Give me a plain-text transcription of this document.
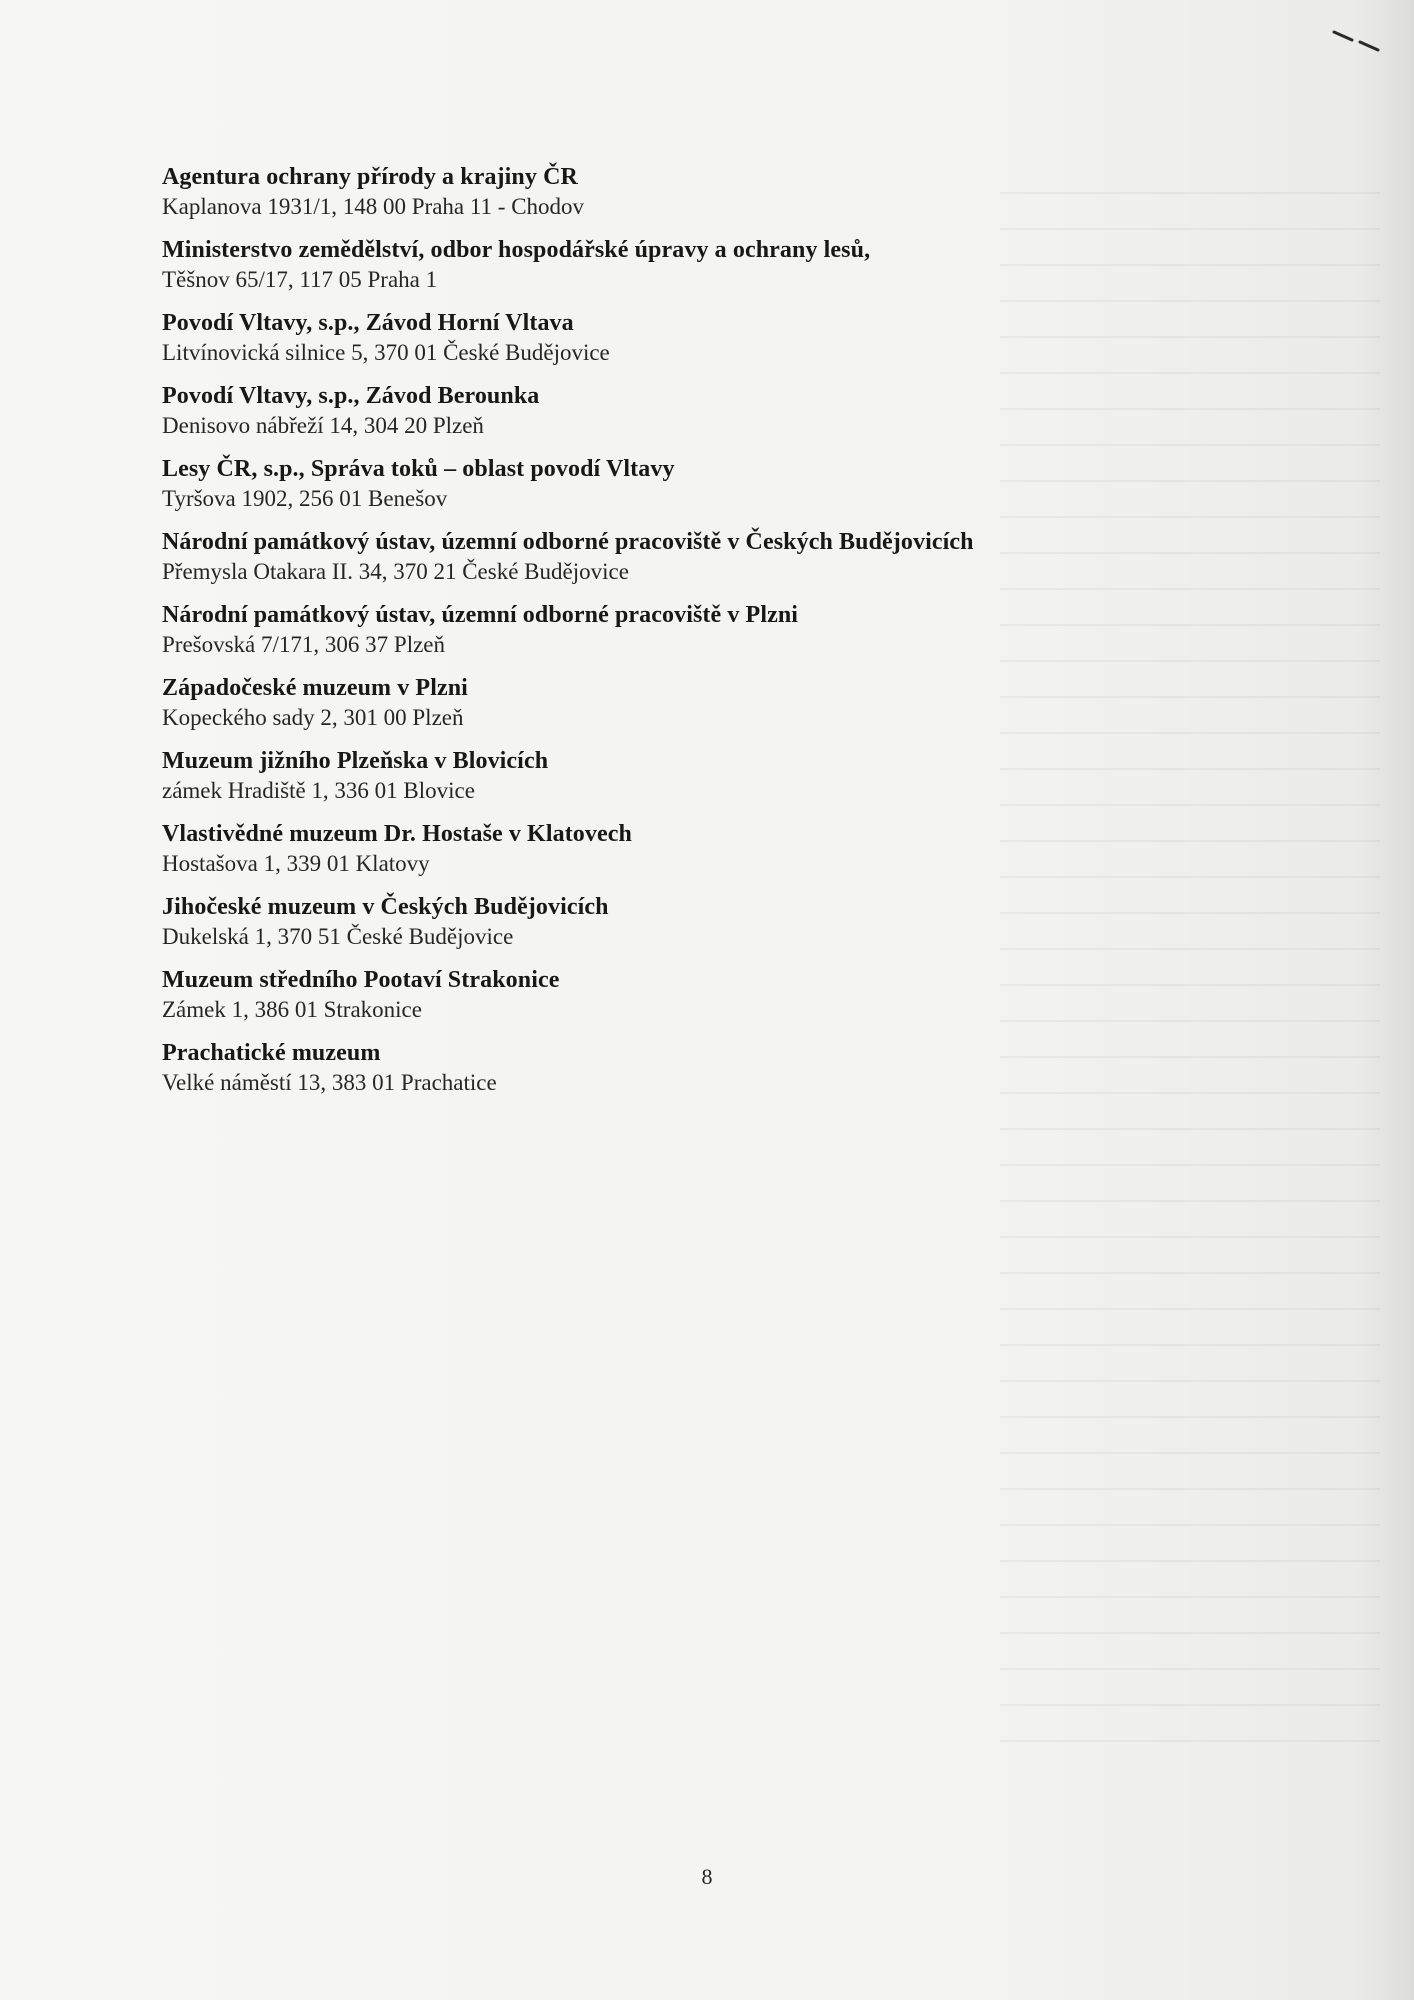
Agentura ochrany přírody a krajiny ČR
Kaplanova 1931/1, 148 00 Praha 11 - Chodov
Ministerstvo zemědělství, odbor hospodářské úpravy a ochrany lesů,
Těšnov 65/17, 117 05 Praha 1
Povodí Vltavy, s.p., Závod Horní Vltava
Litvínovická silnice 5, 370 01 České Budějovice
Povodí Vltavy, s.p., Závod Berounka
Denisovo nábřeží 14, 304 20 Plzeň
Lesy ČR, s.p., Správa toků – oblast povodí Vltavy
Tyršova 1902, 256 01 Benešov
Národní památkový ústav, územní odborné pracoviště v Českých Budějovicích
Přemysla Otakara II. 34, 370 21 České Budějovice
Národní památkový ústav, územní odborné pracoviště v Plzni
Prešovská 7/171, 306 37 Plzeň
Západočeské muzeum v Plzni
Kopeckého sady 2, 301 00 Plzeň
Muzeum jižního Plzeňska v Blovicích
zámek Hradiště 1, 336 01 Blovice
Vlastivědné muzeum Dr. Hostaše v Klatovech
Hostašova 1, 339 01 Klatovy
Jihočeské muzeum v Českých Budějovicích
Dukelská 1, 370 51 České Budějovice
Muzeum středního Pootaví Strakonice
Zámek 1, 386 01 Strakonice
Prachatické muzeum
Velké náměstí 13, 383 01 Prachatice
8
